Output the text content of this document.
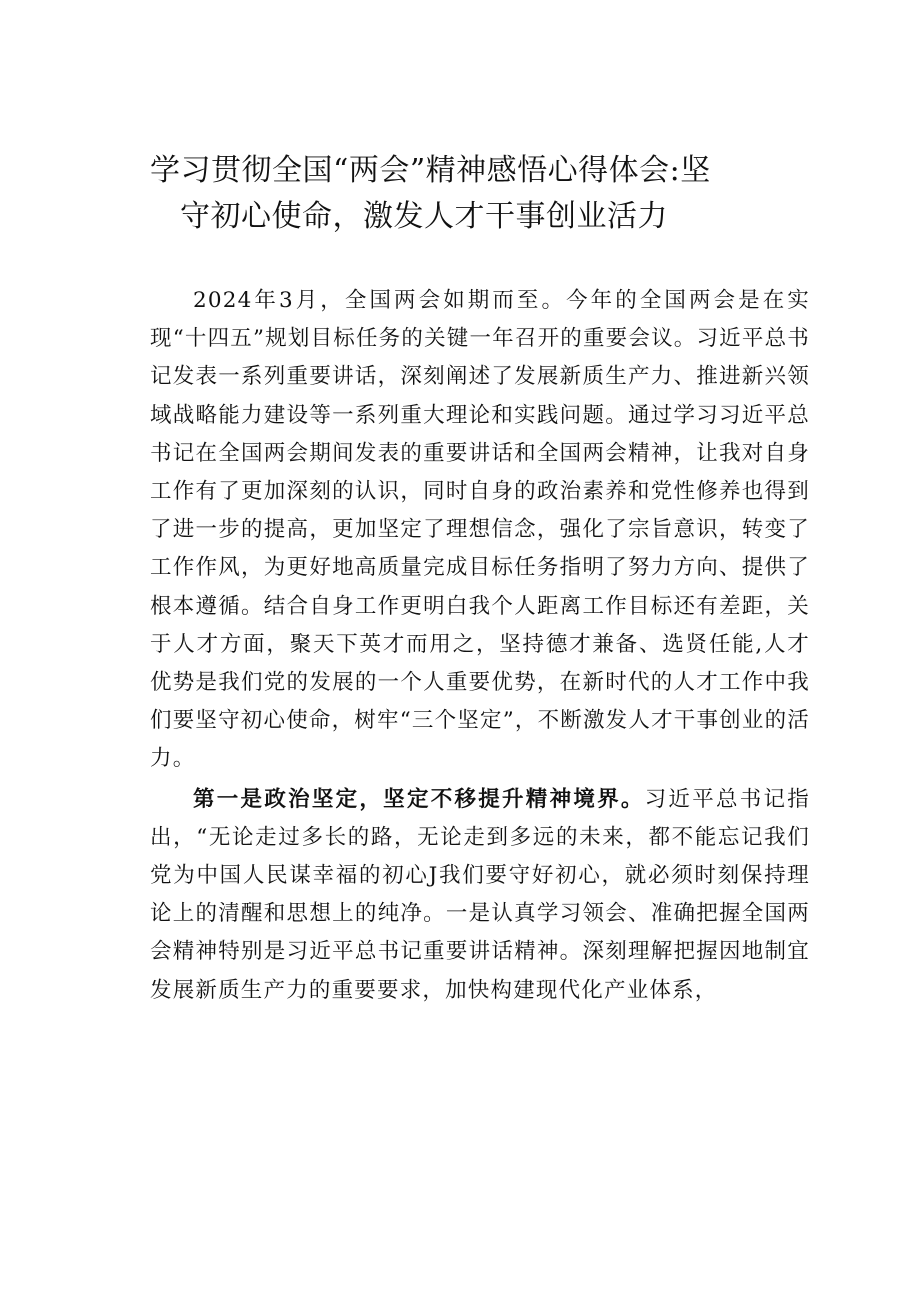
学习贯彻全国“两会”精神感悟心得体会:坚
守初心使命，激发人才干事创业活力

2024年3月，全国两会如期而至。今年的全国两会是在实现“十四五”规划目标任务的关键一年召开的重要会议。习近平总书记发表一系列重要讲话，深刻阐述了发展新质生产力、推进新兴领域战略能力建设等一系列重大理论和实践问题。通过学习习近平总书记在全国两会期间发表的重要讲话和全国两会精神，让我对自身工作有了更加深刻的认识，同时自身的政治素养和党性修养也得到了进一步的提高，更加坚定了理想信念，强化了宗旨意识，转变了工作作风，为更好地高质量完成目标任务指明了努力方向、提供了根本遵循。结合自身工作更明白我个人距离工作目标还有差距，关于人才方面，聚天下英才而用之，坚持德才兼备、选贤任能,人才优势是我们党的发展的一个人重要优势，在新时代的人才工作中我们要坚守初心使命，树牢“三个坚定”，不断激发人才干事创业的活力。

第一是政治坚定，坚定不移提升精神境界。习近平总书记指出，“无论走过多长的路，无论走到多远的未来，都不能忘记我们党为中国人民谋幸福的初心J我们要守好初心，就必须时刻保持理论上的清醒和思想上的纯净。一是认真学习领会、准确把握全国两会精神特别是习近平总书记重要讲话精神。深刻理解把握因地制宜发展新质生产力的重要要求，加快构建现代化产业体系，
